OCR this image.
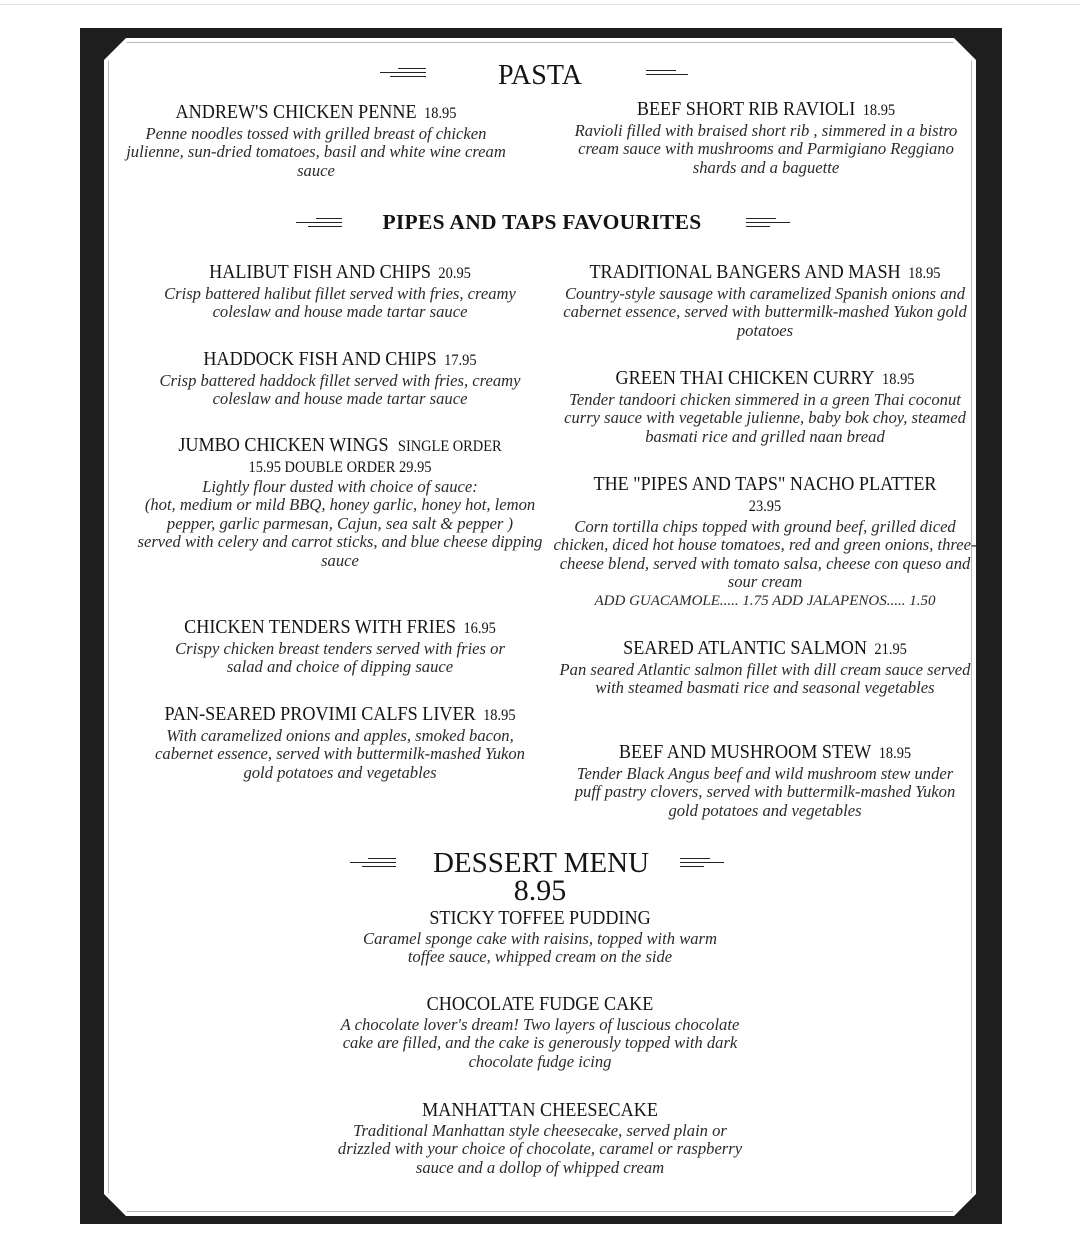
PASTA
ANDREW'S CHICKEN PENNE 18.95
Penne noodles tossed with grilled breast of chicken julienne, sun-dried tomatoes, basil and white wine cream sauce
BEEF SHORT RIB RAVIOLI 18.95
Ravioli filled with braised short rib , simmered in a bistro cream sauce with mushrooms and Parmigiano Reggiano shards and a baguette
PIPES AND TAPS FAVOURITES
HALIBUT FISH AND CHIPS 20.95
Crisp battered halibut fillet served with fries, creamy coleslaw and house made tartar sauce
HADDOCK FISH AND CHIPS 17.95
Crisp battered haddock fillet served with fries, creamy coleslaw and house made tartar sauce
JUMBO CHICKEN WINGS SINGLE ORDER
15.95 DOUBLE ORDER 29.95
Lightly flour dusted with choice of sauce:
(hot, medium or mild BBQ, honey garlic, honey hot, lemon pepper, garlic parmesan, Cajun, sea salt & pepper )
served with celery and carrot sticks, and blue cheese dipping sauce
CHICKEN TENDERS WITH FRIES 16.95
Crispy chicken breast tenders served with fries or salad and choice of dipping sauce
PAN-SEARED PROVIMI CALFS LIVER 18.95
With caramelized onions and apples, smoked bacon, cabernet essence, served with buttermilk-mashed Yukon gold potatoes and vegetables
TRADITIONAL BANGERS AND MASH 18.95
Country-style sausage with caramelized Spanish onions and cabernet essence, served with buttermilk-mashed Yukon gold potatoes
GREEN THAI CHICKEN CURRY 18.95
Tender tandoori chicken simmered in a green Thai coconut curry sauce with vegetable julienne, baby bok choy, steamed basmati rice and grilled naan bread
THE "PIPES AND TAPS" NACHO PLATTER
23.95
Corn tortilla chips topped with ground beef, grilled diced chicken, diced hot house tomatoes, red and green onions, three-cheese blend, served with tomato salsa, cheese con queso and sour cream
ADD GUACAMOLE..... 1.75 ADD JALAPENOS..... 1.50
SEARED ATLANTIC SALMON 21.95
Pan seared Atlantic salmon fillet with dill cream sauce served with steamed basmati rice and seasonal vegetables
BEEF AND MUSHROOM STEW 18.95
Tender Black Angus beef and wild mushroom stew under puff pastry clovers, served with buttermilk-mashed Yukon gold potatoes and vegetables
DESSERT MENU
8.95
STICKY TOFFEE PUDDING
Caramel sponge cake with raisins, topped with warm toffee sauce, whipped cream on the side
CHOCOLATE FUDGE CAKE
A chocolate lover's dream! Two layers of luscious chocolate cake are filled, and the cake is generously topped with dark chocolate fudge icing
MANHATTAN CHEESECAKE
Traditional Manhattan style cheesecake, served plain or drizzled with your choice of chocolate, caramel or raspberry sauce and a dollop of whipped cream
